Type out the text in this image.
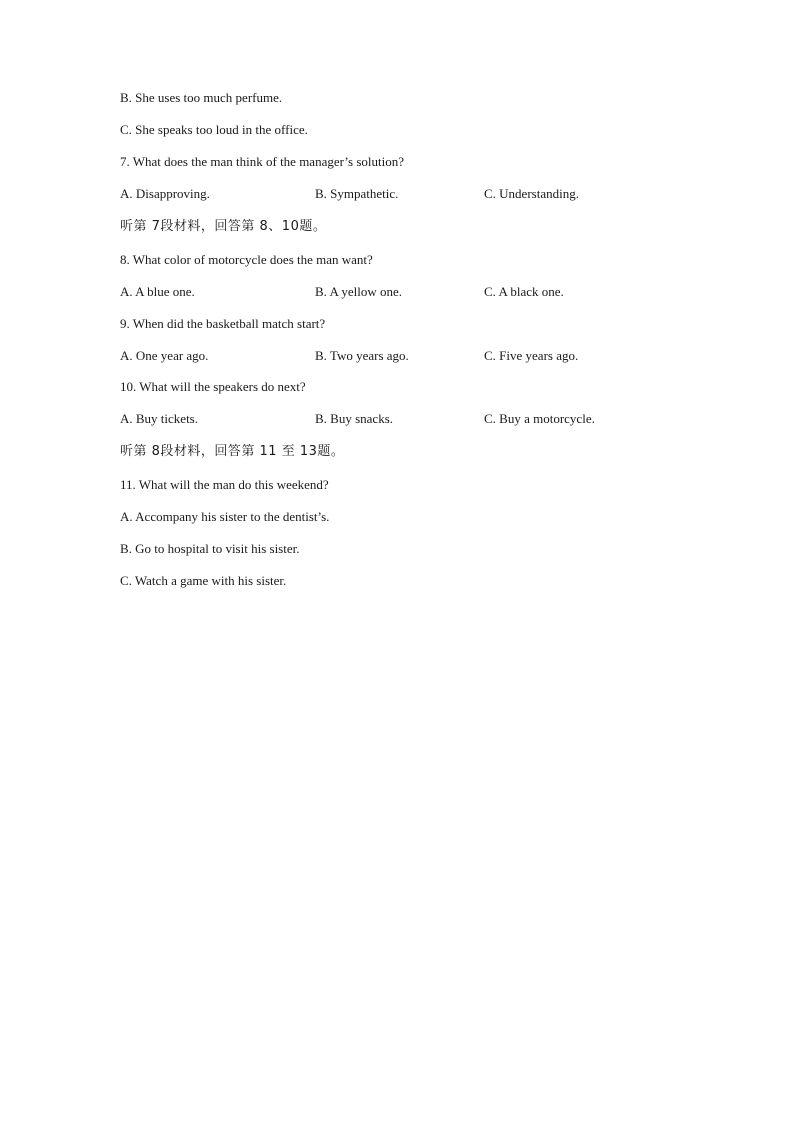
B. She uses too much perfume.
C. She speaks too loud in the office.
7. What does the man think of the manager’s solution?
A. Disapproving.	B. Sympathetic.	C. Understanding.
听第 7段材料，回答第 8、10题。
8. What color of motorcycle does the man want?
A. A blue one.	B. A yellow one.	C. A black one.
9. When did the basketball match start?
A. One year ago.	B. Two years ago.	C. Five years ago.
10. What will the speakers do next?
A. Buy tickets.	B. Buy snacks.	C. Buy a motorcycle.
听第 8段材料，回答第 11 至 13题。
11. What will the man do this weekend?
A. Accompany his sister to the dentist’s.
B. Go to hospital to visit his sister.
C. Watch a game with his sister.
